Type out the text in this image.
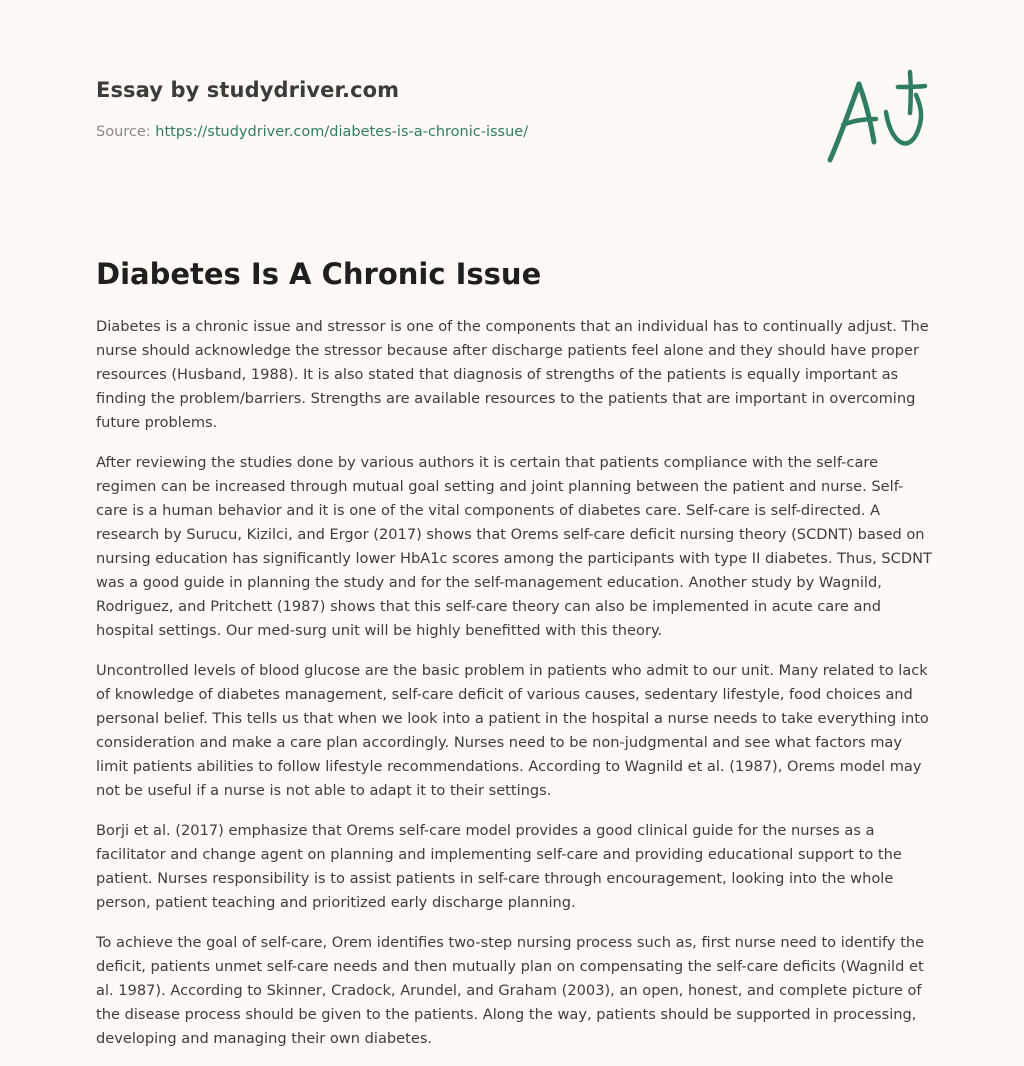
Essay by studydriver.com
Source: https://studydriver.com/diabetes-is-a-chronic-issue/
Diabetes Is A Chronic Issue

Diabetes is a chronic issue and stressor is one of the components that an individual has to continually adjust. The nurse should acknowledge the stressor because after discharge patients feel alone and they should have proper resources (Husband, 1988). It is also stated that diagnosis of strengths of the patients is equally important as finding the problem/barriers. Strengths are available resources to the patients that are important in overcoming future problems.

After reviewing the studies done by various authors it is certain that patients compliance with the self-care regimen can be increased through mutual goal setting and joint planning between the patient and nurse. Self-care is a human behavior and it is one of the vital components of diabetes care. Self-care is self-directed. A research by Surucu, Kizilci, and Ergor (2017) shows that Orems self-care deficit nursing theory (SCDNT) based on nursing education has significantly lower HbA1c scores among the participants with type II diabetes. Thus, SCDNT was a good guide in planning the study and for the self-management education. Another study by Wagnild, Rodriguez, and Pritchett (1987) shows that this self-care theory can also be implemented in acute care and hospital settings. Our med-surg unit will be highly benefitted with this theory.

Uncontrolled levels of blood glucose are the basic problem in patients who admit to our unit. Many related to lack of knowledge of diabetes management, self-care deficit of various causes, sedentary lifestyle, food choices and personal belief. This tells us that when we look into a patient in the hospital a nurse needs to take everything into consideration and make a care plan accordingly. Nurses need to be non-judgmental and see what factors may limit patients abilities to follow lifestyle recommendations. According to Wagnild et al. (1987), Orems model may not be useful if a nurse is not able to adapt it to their settings.

Borji et al. (2017) emphasize that Orems self-care model provides a good clinical guide for the nurses as a facilitator and change agent on planning and implementing self-care and providing educational support to the patient. Nurses responsibility is to assist patients in self-care through encouragement, looking into the whole person, patient teaching and prioritized early discharge planning.

To achieve the goal of self-care, Orem identifies two-step nursing process such as, first nurse need to identify the deficit, patients unmet self-care needs and then mutually plan on compensating the self-care deficits (Wagnild et al. 1987). According to Skinner, Cradock, Arundel, and Graham (2003), an open, honest, and complete picture of the disease process should be given to the patients. Along the way, patients should be supported in processing, developing and managing their own diabetes.
